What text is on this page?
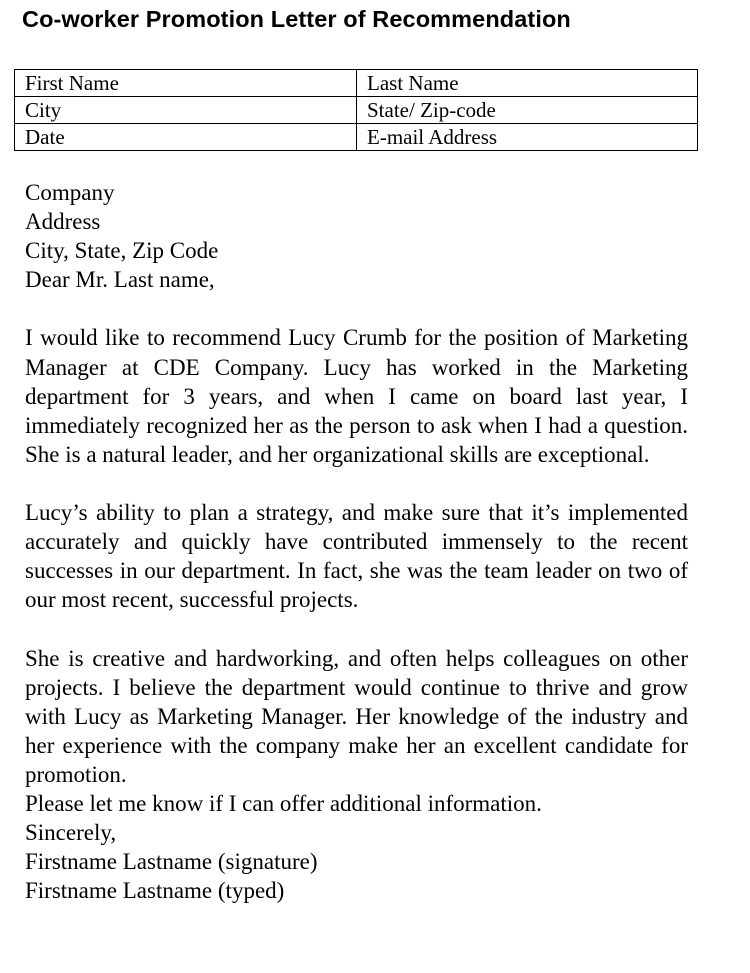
Co-worker Promotion Letter of Recommendation
First Name	Last Name
City	State/ Zip-code
Date	E-mail Address
Company
Address
City, State, Zip Code
Dear Mr. Last name,
I would like to recommend Lucy Crumb for the position of Marketing Manager at CDE Company. Lucy has worked in the Marketing department for 3 years, and when I came on board last year, I immediately recognized her as the person to ask when I had a question. She is a natural leader, and her organizational skills are exceptional.
Lucy’s ability to plan a strategy, and make sure that it’s implemented accurately and quickly have contributed immensely to the recent successes in our department. In fact, she was the team leader on two of our most recent, successful projects.
She is creative and hardworking, and often helps colleagues on other projects. I believe the department would continue to thrive and grow with Lucy as Marketing Manager. Her knowledge of the industry and her experience with the company make her an excellent candidate for promotion.
Please let me know if I can offer additional information.
Sincerely,
Firstname Lastname (signature)
Firstname Lastname (typed)
